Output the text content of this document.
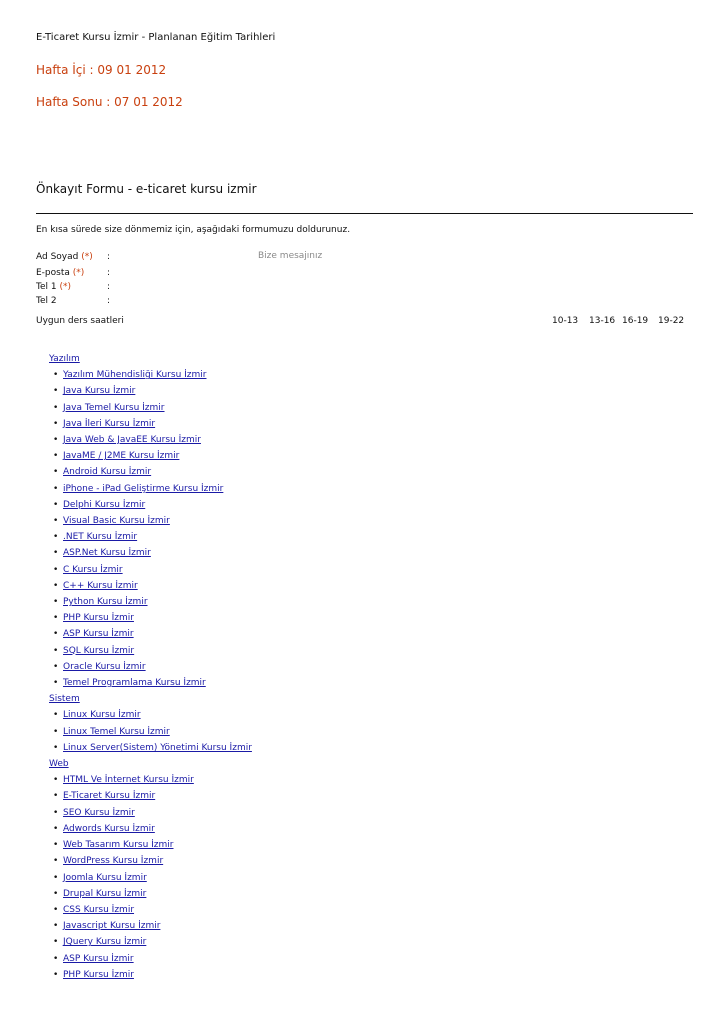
E-Ticaret Kursu İzmir - Planlanan Eğitim Tarihleri
Hafta İçi : 09 01 2012
Hafta Sonu : 07 01 2012
Önkayıt Formu - e-ticaret kursu izmir
En kısa sürede size dönmemiz için, aşağıdaki formumuzu doldurunuz.
Ad Soyad (*)	:
E-posta (*)	:
Tel 1 (*)	:
Tel 2	:
Bize mesajınız
Uygun ders saatleri	10-13 13-16 16-19 19-22
Yazılım
• Yazılım Mühendisliği Kursu İzmir
• Java Kursu İzmir
• Java Temel Kursu İzmir
• Java İleri Kursu İzmir
• Java Web & JavaEE Kursu İzmir
• JavaME / J2ME Kursu İzmir
• Android Kursu İzmir
• iPhone - iPad Geliştirme Kursu İzmir
• Delphi Kursu İzmir
• Visual Basic Kursu İzmir
• .NET Kursu İzmir
• ASP.Net Kursu İzmir
• C Kursu İzmir
• C++ Kursu İzmir
• Python Kursu İzmir
• PHP Kursu İzmir
• ASP Kursu İzmir
• SQL Kursu İzmir
• Oracle Kursu İzmir
• Temel Programlama Kursu İzmir
Sistem
• Linux Kursu İzmir
• Linux Temel Kursu İzmir
• Linux Server(Sistem) Yönetimi Kursu İzmir
Web
• HTML Ve İnternet Kursu İzmir
• E-Ticaret Kursu İzmir
• SEO Kursu İzmir
• Adwords Kursu İzmir
• Web Tasarım Kursu İzmir
• WordPress Kursu İzmir
• Joomla Kursu İzmir
• Drupal Kursu İzmir
• CSS Kursu İzmir
• Javascript Kursu İzmir
• JQuery Kursu İzmir
• ASP Kursu İzmir
• PHP Kursu İzmir
